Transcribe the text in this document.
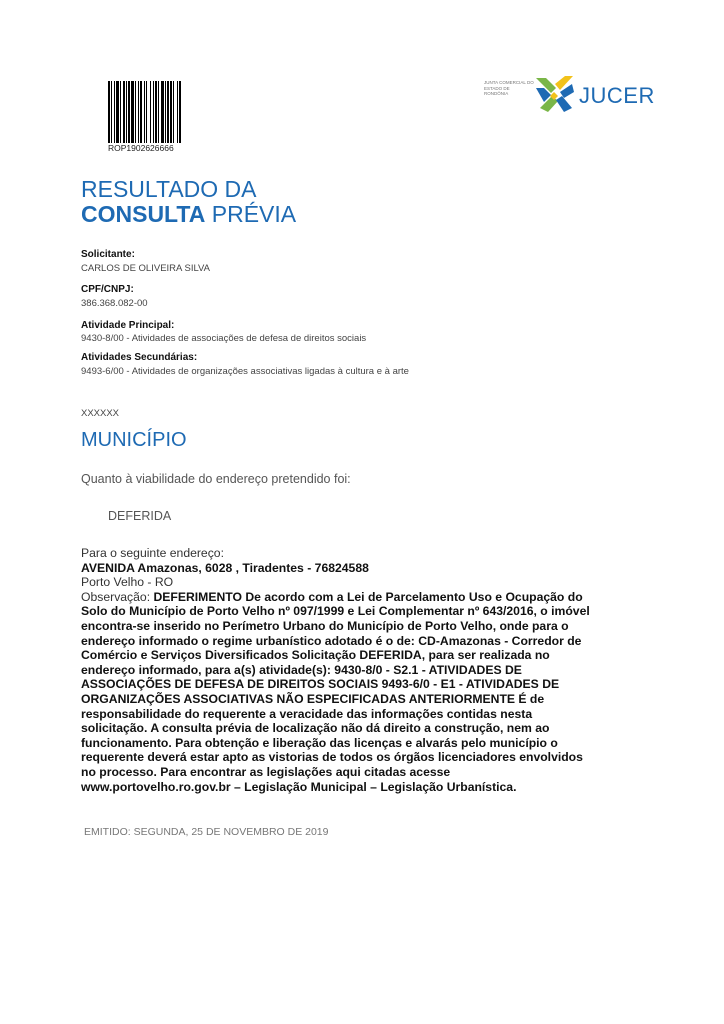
ROP1902626666
JUNTA COMERCIAL DO ESTADO DE RONDÔNIA	JUCER
RESULTADO DA
CONSULTA PRÉVIA
Solicitante:
CARLOS DE OLIVEIRA SILVA
CPF/CNPJ:
386.368.082-00
Atividade Principal:
9430-8/00 - Atividades de associações de defesa de direitos sociais
Atividades Secundárias:
9493-6/00 - Atividades de organizações associativas ligadas à cultura e à arte
XXXXXX
MUNICÍPIO
Quanto à viabilidade do endereço pretendido foi:
DEFERIDA
Para o seguinte endereço:
AVENIDA Amazonas, 6028 , Tiradentes - 76824588
Porto Velho - RO
Observação: DEFERIMENTO De acordo com a Lei de Parcelamento Uso e Ocupação do
Solo do Município de Porto Velho nº 097/1999 e Lei Complementar nº 643/2016, o imóvel
encontra-se inserido no Perímetro Urbano do Município de Porto Velho, onde para o
endereço informado o regime urbanístico adotado é o de: CD-Amazonas - Corredor de
Comércio e Serviços Diversificados Solicitação DEFERIDA, para ser realizada no
endereço informado, para a(s) atividade(s): 9430-8/0 - S2.1 - ATIVIDADES DE
ASSOCIAÇÕES DE DEFESA DE DIREITOS SOCIAIS 9493-6/0 - E1 - ATIVIDADES DE
ORGANIZAÇÕES ASSOCIATIVAS NÃO ESPECIFICADAS ANTERIORMENTE É de
responsabilidade do requerente a veracidade das informações contidas nesta
solicitação. A consulta prévia de localização não dá direito a construção, nem ao
funcionamento. Para obtenção e liberação das licenças e alvarás pelo município o
requerente deverá estar apto as vistorias de todos os órgãos licenciadores envolvidos
no processo. Para encontrar as legislações aqui citadas acesse
www.portovelho.ro.gov.br – Legislação Municipal – Legislação Urbanística.
EMITIDO: SEGUNDA, 25 DE NOVEMBRO DE 2019
